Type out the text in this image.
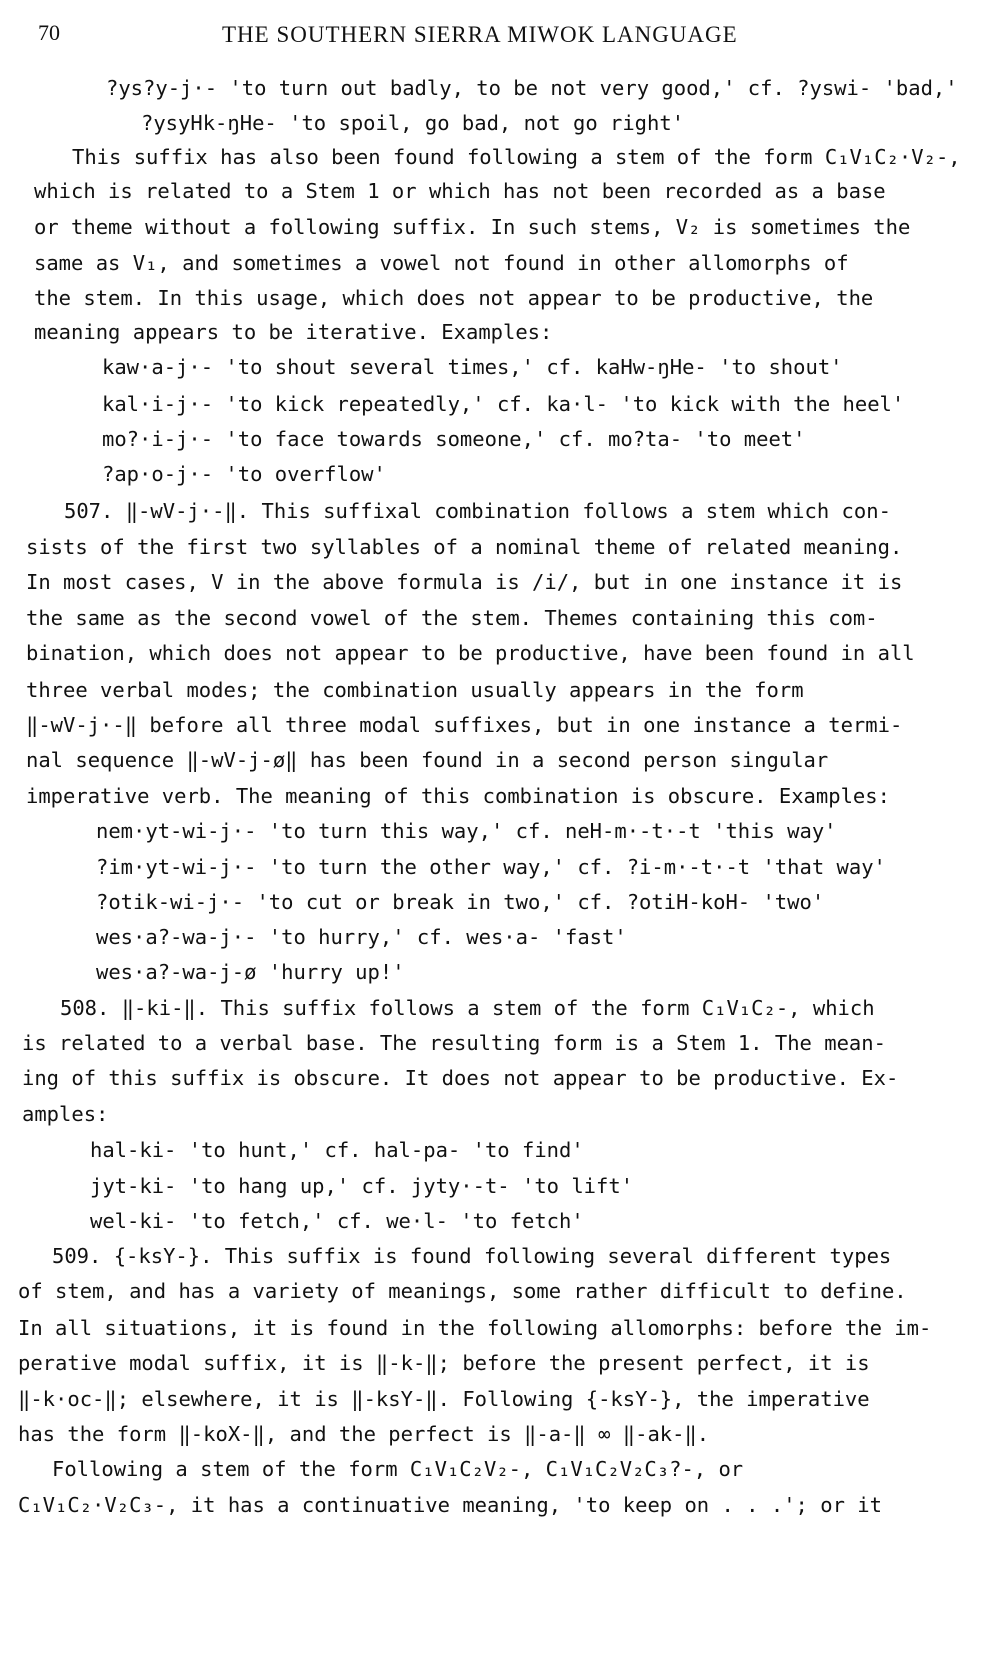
70	THE SOUTHERN SIERRA MIWOK LANGUAGE
?ys?y-j·- 'to turn out badly, to be not very good,' cf. ?yswi- 'bad,'
?ysyHk-ŋHe- 'to spoil, go bad, not go right'
This suffix has also been found following a stem of the form C₁V₁C₂·V₂-,
which is related to a Stem 1 or which has not been recorded as a base
or theme without a following suffix. In such stems, V₂ is sometimes the
same as V₁, and sometimes a vowel not found in other allomorphs of
the stem. In this usage, which does not appear to be productive, the
meaning appears to be iterative. Examples:
kaw·a-j·- 'to shout several times,' cf. kaHw-ŋHe- 'to shout'
kal·i-j·- 'to kick repeatedly,' cf. ka·l- 'to kick with the heel'
mo?·i-j·- 'to face towards someone,' cf. mo?ta- 'to meet'
?ap·o-j·- 'to overflow'
507. ‖-wV-j·-‖. This suffixal combination follows a stem which con-
sists of the first two syllables of a nominal theme of related meaning.
In most cases, V in the above formula is /i/, but in one instance it is
the same as the second vowel of the stem. Themes containing this com-
bination, which does not appear to be productive, have been found in all
three verbal modes; the combination usually appears in the form
‖-wV-j·-‖ before all three modal suffixes, but in one instance a termi-
nal sequence ‖-wV-j-ø‖ has been found in a second person singular
imperative verb. The meaning of this combination is obscure. Examples:
nem·yt-wi-j·- 'to turn this way,' cf. neH-m·-t·-t 'this way'
?im·yt-wi-j·- 'to turn the other way,' cf. ?i-m·-t·-t 'that way'
?otik-wi-j·- 'to cut or break in two,' cf. ?otiH-koH- 'two'
wes·a?-wa-j·- 'to hurry,' cf. wes·a- 'fast'
wes·a?-wa-j-ø 'hurry up!'
508. ‖-ki-‖. This suffix follows a stem of the form C₁V₁C₂-, which
is related to a verbal base. The resulting form is a Stem 1. The mean-
ing of this suffix is obscure. It does not appear to be productive. Ex-
amples:
hal-ki- 'to hunt,' cf. hal-pa- 'to find'
jyt-ki- 'to hang up,' cf. jyty·-t- 'to lift'
wel-ki- 'to fetch,' cf. we·l- 'to fetch'
509. {-ksY-}. This suffix is found following several different types
of stem, and has a variety of meanings, some rather difficult to define.
In all situations, it is found in the following allomorphs: before the im-
perative modal suffix, it is ‖-k-‖; before the present perfect, it is
‖-k·oc-‖; elsewhere, it is ‖-ksY-‖. Following {-ksY-}, the imperative
has the form ‖-koX-‖, and the perfect is ‖-a-‖ ∞ ‖-ak-‖.
Following a stem of the form C₁V₁C₂V₂-, C₁V₁C₂V₂C₃?-, or
C₁V₁C₂·V₂C₃-, it has a continuative meaning, 'to keep on . . .'; or it
